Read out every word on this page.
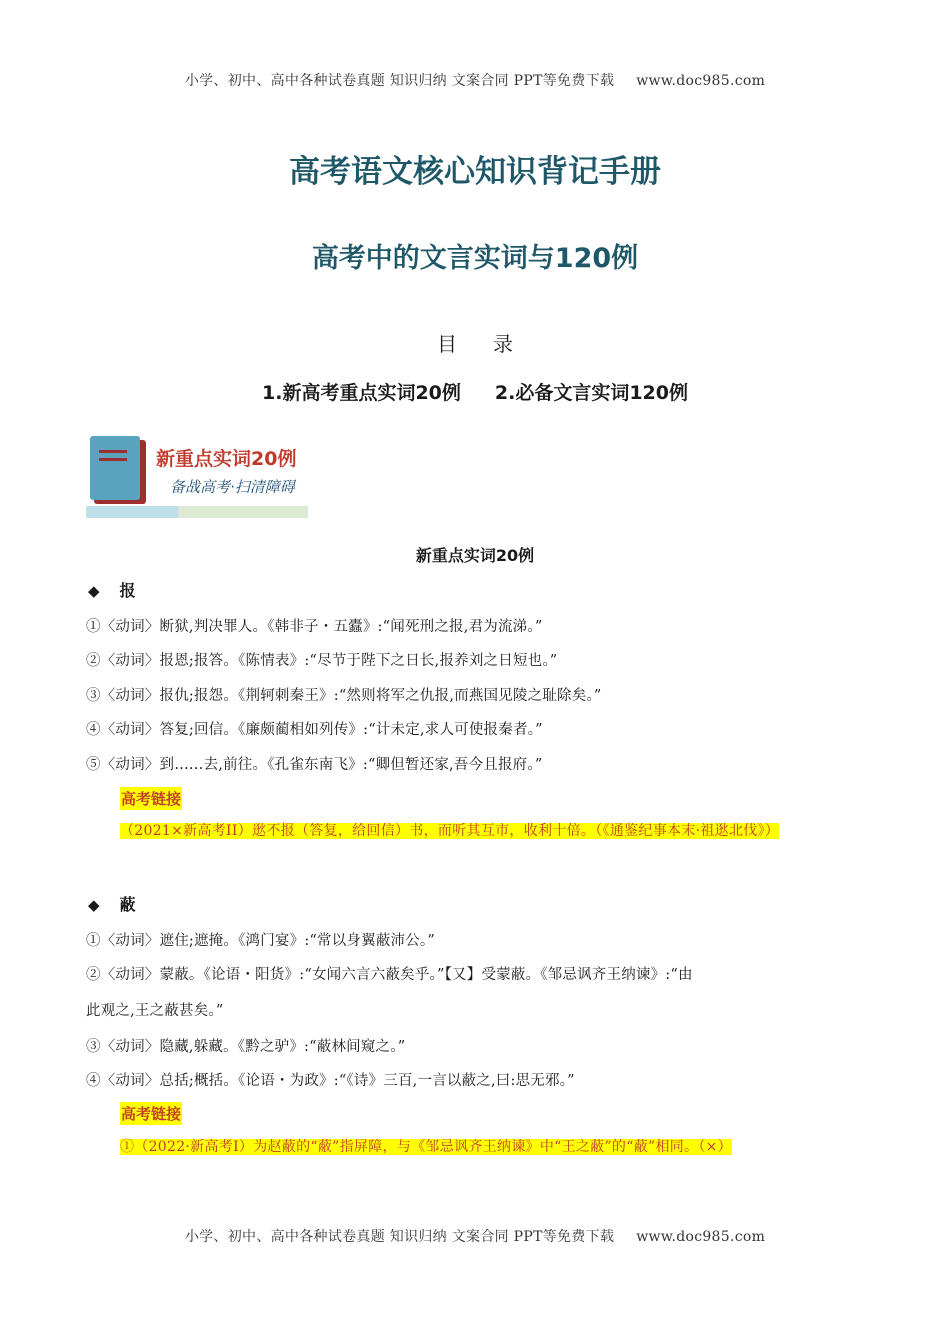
小学、初中、高中各种试卷真题 知识归纳 文案合同 PPT等免费下载 www.doc985.com
高考语文核心知识背记手册
高考中的文言实词与120例
目 录
1.新高考重点实词20例 2.必备文言实词120例
新重点实词20例
备战高考·扫清障碍
新重点实词20例
◆ 报
①〈动词〉断狱,判决罪人。《韩非子・五蠹》:“闻死刑之报,君为流涕。”
②〈动词〉报恩;报答。《陈情表》:“尽节于陛下之日长,报养刘之日短也。”
③〈动词〉报仇;报怨。《荆轲刺秦王》:“然则将军之仇报,而燕国见陵之耻除矣。”
④〈动词〉答复;回信。《廉颇蔺相如列传》:“计未定,求人可使报秦者。”
⑤〈动词〉到……去,前往。《孔雀东南飞》:“卿但暂还家,吾今且报府。”
高考链接
（2021×新高考II）逖不报（答复，给回信）书，而听其互市，收利十倍。（《通鉴纪事本末·祖逖北伐》）
◆ 蔽
①〈动词〉遮住;遮掩。《鸿门宴》:“常以身翼蔽沛公。”
②〈动词〉蒙蔽。《论语・阳货》:“女闻六言六蔽矣乎。”【又】受蒙蔽。《邹忌讽齐王纳谏》:“由
此观之,王之蔽甚矣。”
③〈动词〉隐藏,躲藏。《黔之驴》:“蔽林间窥之。”
④〈动词〉总括;概括。《论语・为政》:“《诗》三百,一言以蔽之,曰:思无邪。”
高考链接
①（2022·新高考I）为赵蔽的“蔽”指屏障，与《邹忌讽齐王纳谏》中“王之蔽”的“蔽”相同。（×）
小学、初中、高中各种试卷真题 知识归纳 文案合同 PPT等免费下载 www.doc985.com
